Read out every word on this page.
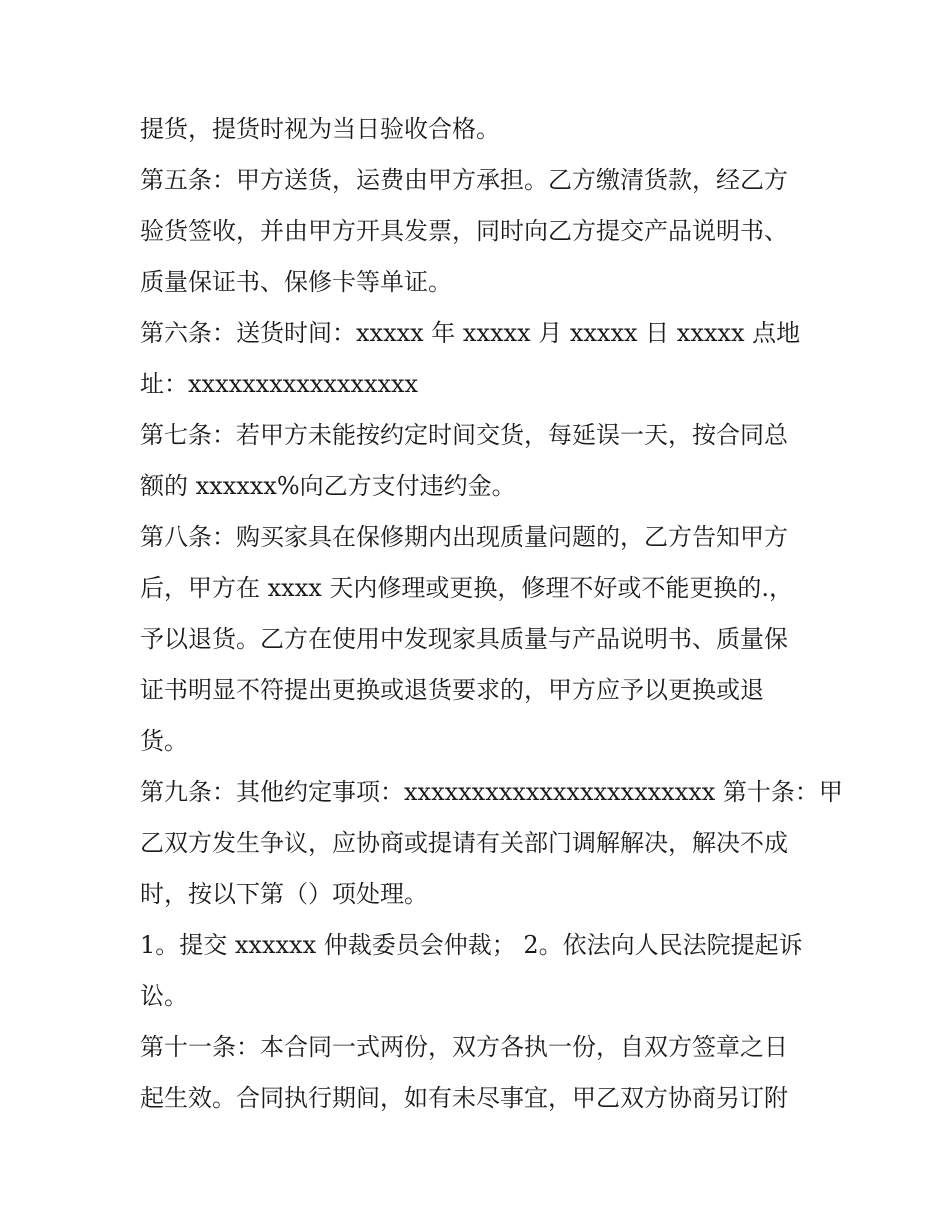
提货，提货时视为当日验收合格。
第五条：甲方送货，运费由甲方承担。乙方缴清货款，经乙方
验货签收，并由甲方开具发票，同时向乙方提交产品说明书、
质量保证书、保修卡等单证。
第六条：送货时间：xxxxx 年 xxxxx 月 xxxxx 日 xxxxx 点地
址：xxxxxxxxxxxxxxxxx
第七条：若甲方未能按约定时间交货，每延误一天，按合同总
额的 xxxxxx%向乙方支付违约金。
第八条：购买家具在保修期内出现质量问题的，乙方告知甲方
后，甲方在 xxxx 天内修理或更换，修理不好或不能更换的.，
予以退货。乙方在使用中发现家具质量与产品说明书、质量保
证书明显不符提出更换或退货要求的，甲方应予以更换或退
货。
第九条：其他约定事项：xxxxxxxxxxxxxxxxxxxxxxx 第十条：甲
乙双方发生争议，应协商或提请有关部门调解解决，解决不成
时，按以下第（）项处理。
1。提交 xxxxxx 仲裁委员会仲裁； 2。依法向人民法院提起诉
讼。
第十一条：本合同一式两份，双方各执一份，自双方签章之日
起生效。合同执行期间，如有未尽事宜，甲乙双方协商另订附
